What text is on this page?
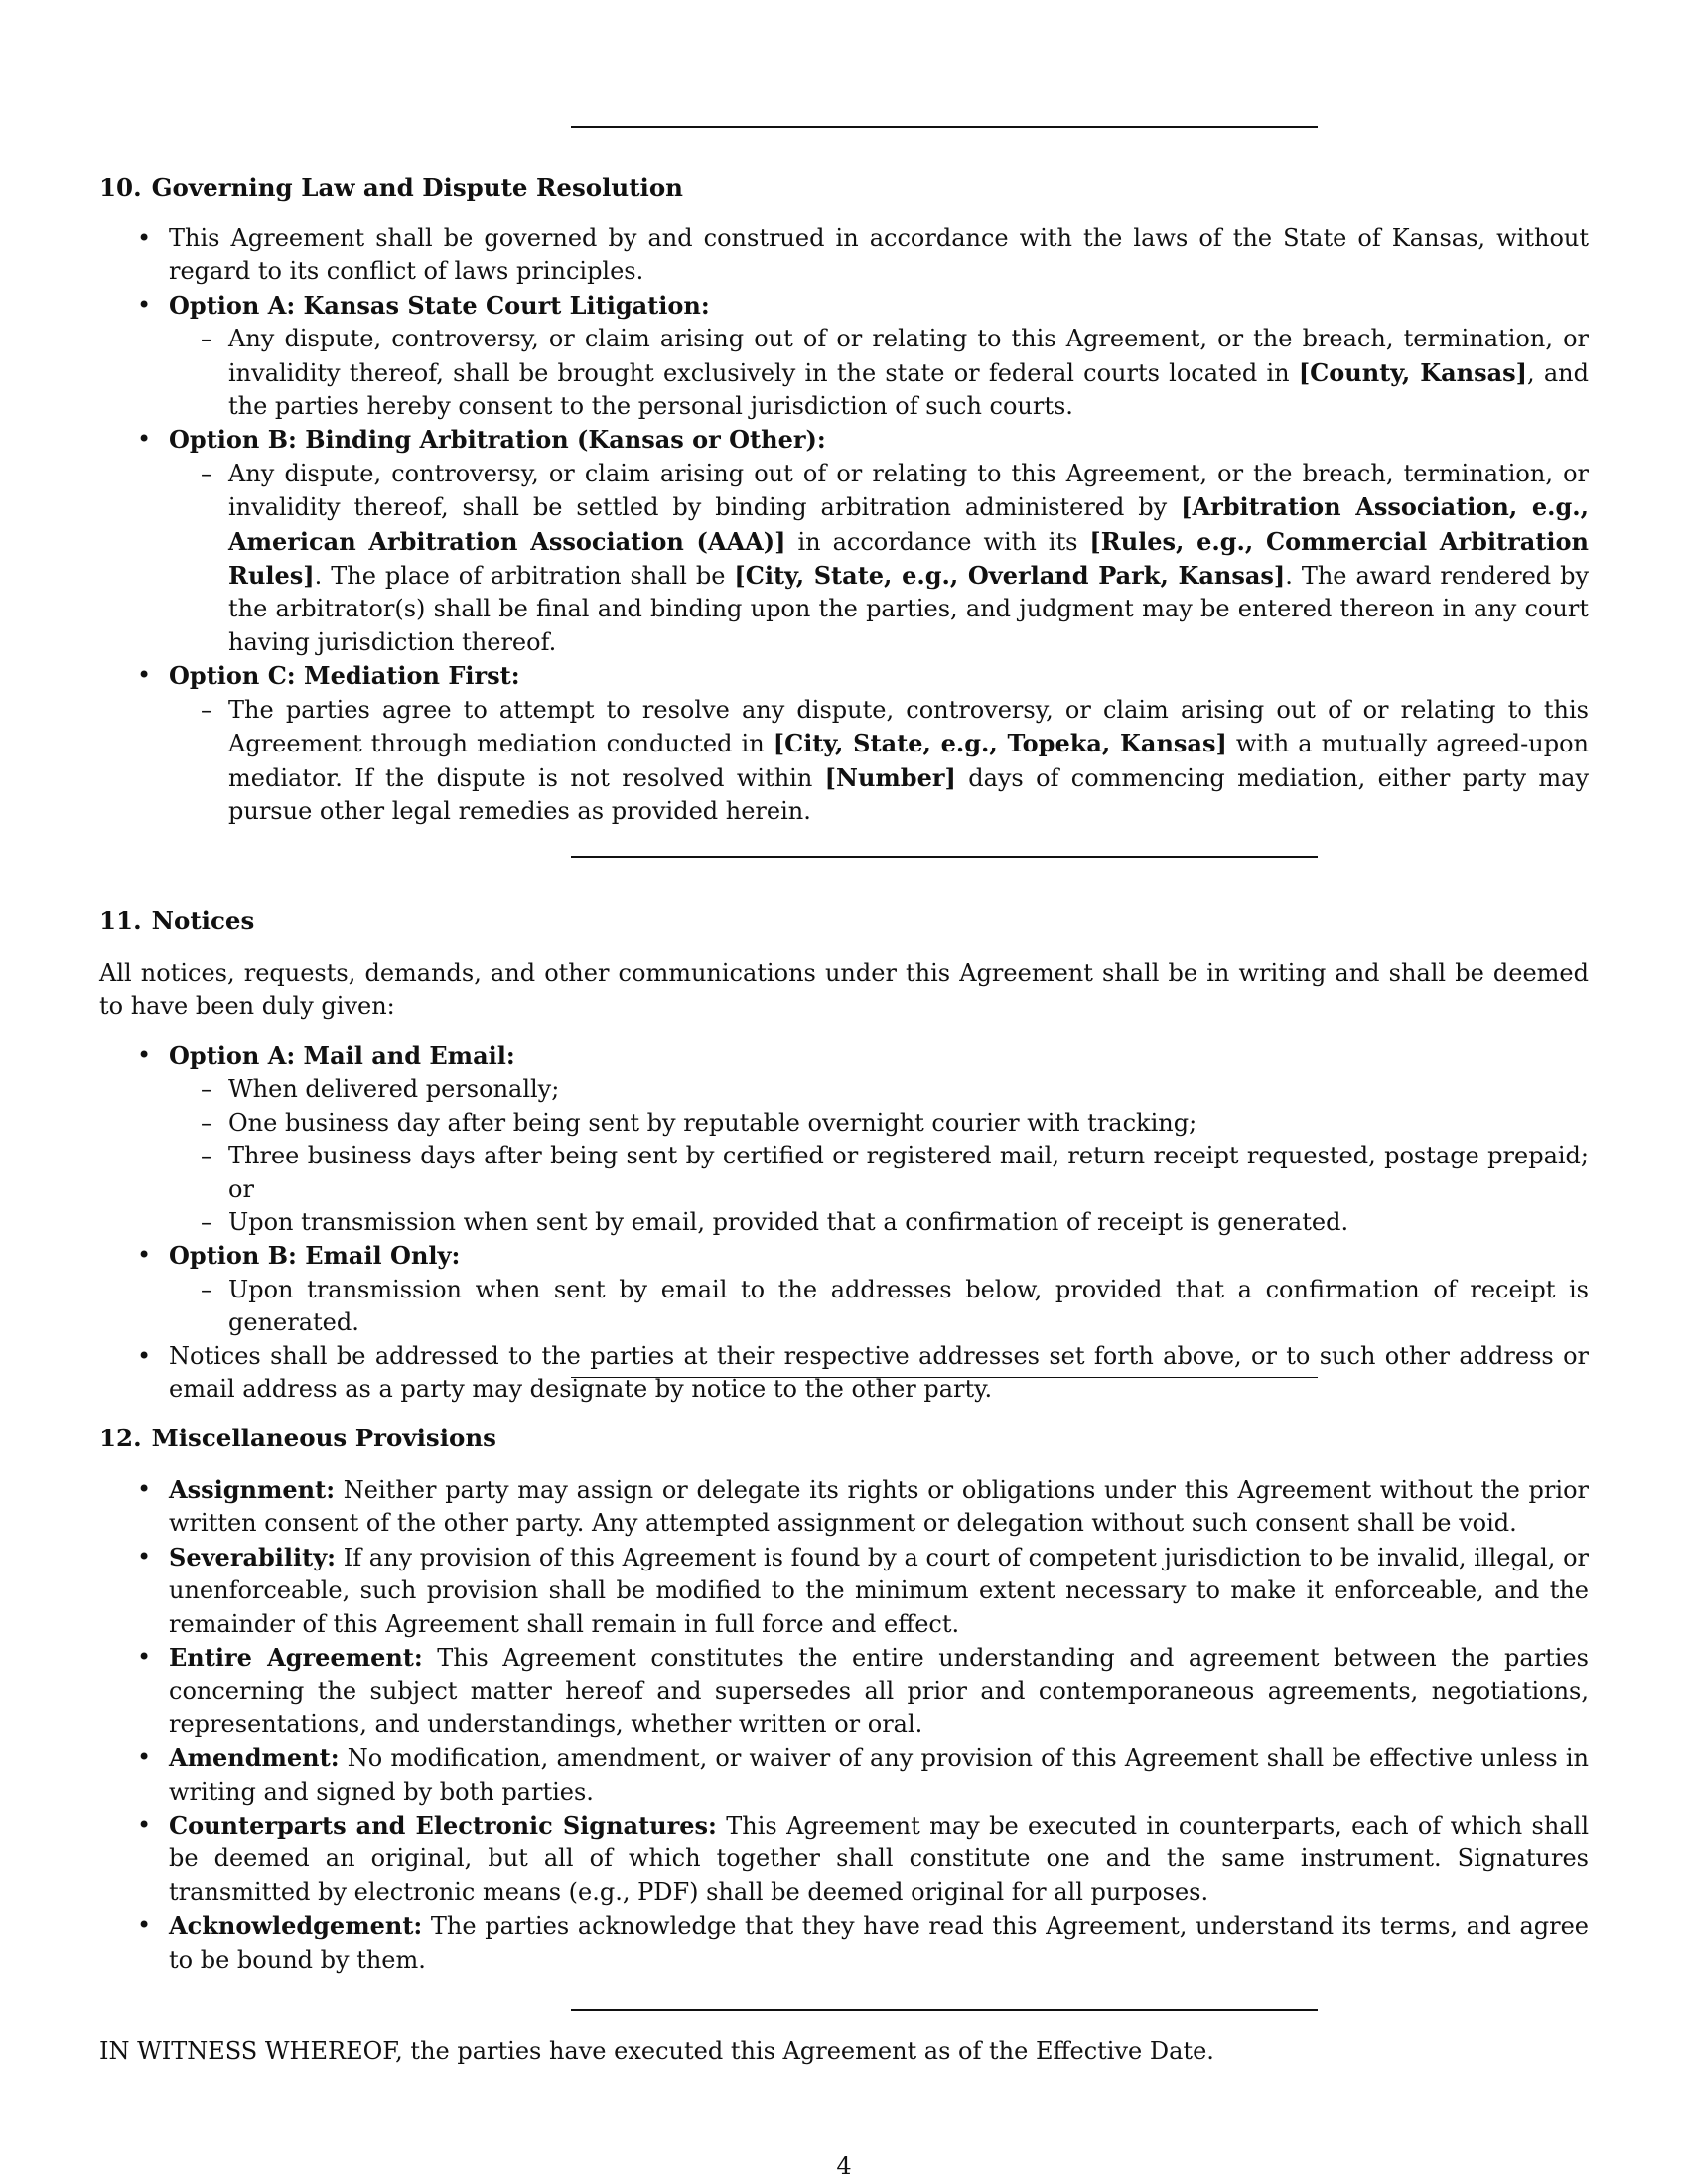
10. Governing Law and Dispute Resolution
• This Agreement shall be governed by and construed in accordance with the laws of the State of Kansas, without regard to its conflict of laws principles.
• Option A: Kansas State Court Litigation:
– Any dispute, controversy, or claim arising out of or relating to this Agreement, or the breach, termination, or invalidity thereof, shall be brought exclusively in the state or federal courts located in [County, Kansas], and the parties hereby consent to the personal jurisdiction of such courts.
• Option B: Binding Arbitration (Kansas or Other):
– Any dispute, controversy, or claim arising out of or relating to this Agreement, or the breach, termination, or invalidity thereof, shall be settled by binding arbitration administered by [Arbitration Association, e.g., American Arbitration Association (AAA)] in accordance with its [Rules, e.g., Commercial Arbitration Rules]. The place of arbitration shall be [City, State, e.g., Overland Park, Kansas]. The award rendered by the arbitrator(s) shall be final and binding upon the parties, and judgment may be entered thereon in any court having jurisdiction thereof.
• Option C: Mediation First:
– The parties agree to attempt to resolve any dispute, controversy, or claim arising out of or relating to this Agreement through mediation conducted in [City, State, e.g., Topeka, Kansas] with a mutually agreed-upon mediator. If the dispute is not resolved within [Number] days of commencing mediation, either party may pursue other legal remedies as provided herein.
11. Notices

All notices, requests, demands, and other communications under this Agreement shall be in writing and shall be deemed to have been duly given:

• Option A: Mail and Email:
– When delivered personally;
– One business day after being sent by reputable overnight courier with tracking;
– Three business days after being sent by certified or registered mail, return receipt requested, postage prepaid; or
– Upon transmission when sent by email, provided that a confirmation of receipt is generated.
• Option B: Email Only:
– Upon transmission when sent by email to the addresses below, provided that a confirmation of receipt is generated.
• Notices shall be addressed to the parties at their respective addresses set forth above, or to such other address or email address as a party may designate by notice to the other party.
12. Miscellaneous Provisions
• Assignment: Neither party may assign or delegate its rights or obligations under this Agreement without the prior written consent of the other party. Any attempted assignment or delegation without such consent shall be void.
• Severability: If any provision of this Agreement is found by a court of competent jurisdiction to be invalid, illegal, or unenforceable, such provision shall be modified to the minimum extent necessary to make it enforceable, and the remainder of this Agreement shall remain in full force and effect.
• Entire Agreement: This Agreement constitutes the entire understanding and agreement between the parties concerning the subject matter hereof and supersedes all prior and contemporaneous agreements, negotiations, representations, and understandings, whether written or oral.
• Amendment: No modification, amendment, or waiver of any provision of this Agreement shall be effective unless in writing and signed by both parties.
• Counterparts and Electronic Signatures: This Agreement may be executed in counterparts, each of which shall be deemed an original, but all of which together shall constitute one and the same instrument. Signatures transmitted by electronic means (e.g., PDF) shall be deemed original for all purposes.
• Acknowledgement: The parties acknowledge that they have read this Agreement, understand its terms, and agree to be bound by them.

IN WITNESS WHEREOF, the parties have executed this Agreement as of the Effective Date.

4
